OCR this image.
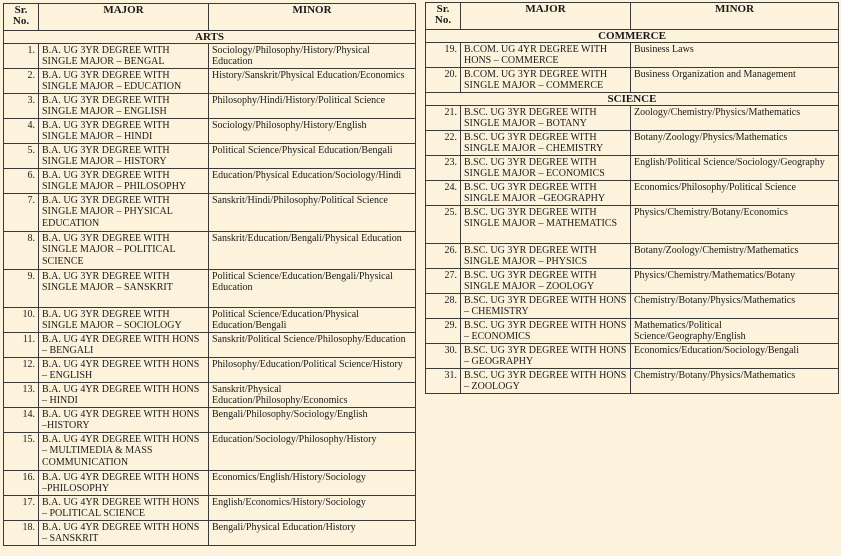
Sr. No.	MAJOR	MINOR
ARTS		
1.	B.A. UG 3YR DEGREE WITH SINGLE MAJOR – BENGAL	Sociology/Philosophy/History/Physical Education
2.	B.A. UG 3YR DEGREE WITH SINGLE MAJOR – EDUCATION	History/Sanskrit/Physical Education/Economics
3.	B.A. UG 3YR DEGREE WITH SINGLE MAJOR – ENGLISH	Philosophy/Hindi/History/Political Science
4.	B.A. UG 3YR DEGREE WITH SINGLE MAJOR – HINDI	Sociology/Philosophy/History/English
5.	B.A. UG 3YR DEGREE WITH SINGLE MAJOR – HISTORY	Political Science/Physical Education/Bengali
6.	B.A. UG 3YR DEGREE WITH SINGLE MAJOR – PHILOSOPHY	Education/Physical Education/Sociology/Hindi
7.	B.A. UG 3YR DEGREE WITH SINGLE MAJOR – PHYSICAL EDUCATION	Sanskrit/Hindi/Philosophy/Political Science
8.	B.A. UG 3YR DEGREE WITH SINGLE MAJOR – POLITICAL SCIENCE	Sanskrit/Education/Bengali/Physical Education
9.	B.A. UG 3YR DEGREE WITH SINGLE MAJOR – SANSKRIT	Political Science/Education/Bengali/Physical Education
10.	B.A. UG 3YR DEGREE WITH SINGLE MAJOR – SOCIOLOGY	Political Science/Education/Physical Education/Bengali
11.	B.A. UG 4YR DEGREE WITH HONS – BENGALI	Sanskrit/Political Science/Philosophy/Education
12.	B.A. UG 4YR DEGREE WITH HONS – ENGLISH	Philosophy/Education/Political Science/History
13.	B.A. UG 4YR DEGREE WITH HONS – HINDI	Sanskrit/Physical Education/Philosophy/Economics
14.	B.A. UG 4YR DEGREE WITH HONS –HISTORY	Bengali/Philosophy/Sociology/English
15.	B.A. UG 4YR DEGREE WITH HONS – MULTIMEDIA & MASS COMMUNICATION	Education/Sociology/Philosophy/History
16.	B.A. UG 4YR DEGREE WITH HONS –PHILOSOPHY	Economics/English/History/Sociology
17.	B.A. UG 4YR DEGREE WITH HONS – POLITICAL SCIENCE	English/Economics/History/Sociology
18.	B.A. UG 4YR DEGREE WITH HONS – SANSKRIT	Bengali/Physical Education/History
Sr. No.	MAJOR	MINOR
COMMERCE		
19.	B.COM. UG 4YR DEGREE WITH HONS – COMMERCE	Business Laws
20.	B.COM. UG 3YR DEGREE WITH SINGLE MAJOR – COMMERCE	Business Organization and Management
SCIENCE		
21.	B.SC. UG 3YR DEGREE WITH SINGLE MAJOR – BOTANY	Zoology/Chemistry/Physics/Mathematics
22.	B.SC. UG 3YR DEGREE WITH SINGLE MAJOR – CHEMISTRY	Botany/Zoology/Physics/Mathematics
23.	B.SC. UG 3YR DEGREE WITH SINGLE MAJOR – ECONOMICS	English/Political Science/Sociology/Geography
24.	B.SC. UG 3YR DEGREE WITH SINGLE MAJOR –GEOGRAPHY	Economics/Philosophy/Political Science
25.	B.SC. UG 3YR DEGREE WITH SINGLE MAJOR – MATHEMATICS	Physics/Chemistry/Botany/Economics
26.	B.SC. UG 3YR DEGREE WITH SINGLE MAJOR – PHYSICS	Botany/Zoology/Chemistry/Mathematics
27.	B.SC. UG 3YR DEGREE WITH SINGLE MAJOR – ZOOLOGY	Physics/Chemistry/Mathematics/Botany
28.	B.SC. UG 3YR DEGREE WITH HONS – CHEMISTRY	Chemistry/Botany/Physics/Mathematics
29.	B.SC. UG 3YR DEGREE WITH HONS – ECONOMICS	Mathematics/Political Science/Geography/English
30.	B.SC. UG 3YR DEGREE WITH HONS – GEOGRAPHY	Economics/Education/Sociology/Bengali
31.	B.SC. UG 3YR DEGREE WITH HONS – ZOOLOGY	Chemistry/Botany/Physics/Mathematics
